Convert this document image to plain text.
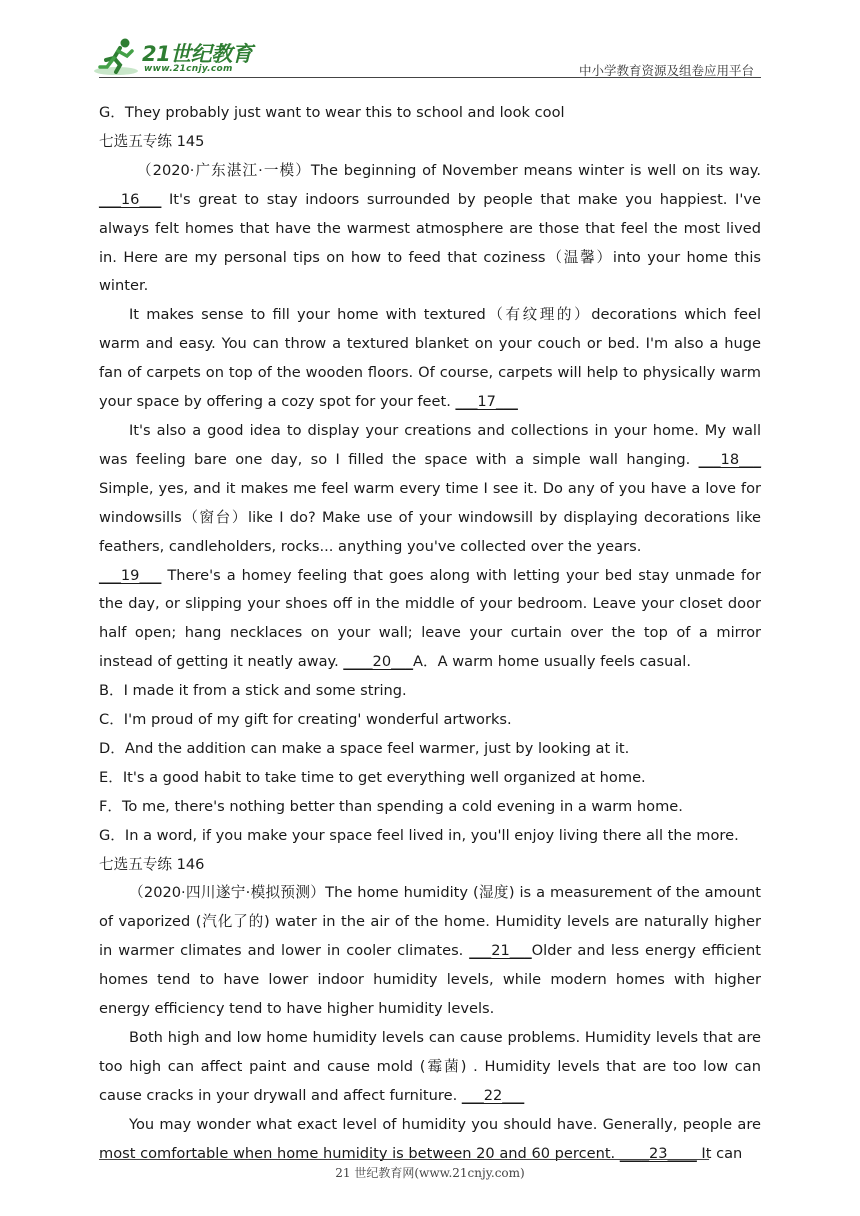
21世纪教育
www.21cnjy.com	中小学教育资源及组卷应用平台

G．They probably just want to wear this to school and look cool

七选五专练 145

（2020·广东湛江·一模）The beginning of November means winter is well on its way. ___16___ It's great to stay indoors surrounded by people that make you happiest. I've always felt homes that have the warmest atmosphere are those that feel the most lived in. Here are my personal tips on how to feed that coziness（温馨）into your home this winter.

It makes sense to fill your home with textured（有纹理的）decorations which feel warm and easy. You can throw a textured blanket on your couch or bed. I'm also a huge fan of carpets on top of the wooden floors. Of course, carpets will help to physically warm your space by offering a cozy spot for your feet. ___17___

It's also a good idea to display your creations and collections in your home. My wall was feeling bare one day, so I filled the space with a simple wall hanging. ___18___ Simple, yes, and it makes me feel warm every time I see it. Do any of you have a love for windowsills（窗台）like I do? Make use of your windowsill by displaying decorations like feathers, candleholders, rocks... anything you've collected over the years.

___19___ There's a homey feeling that goes along with letting your bed stay unmade for the day, or slipping your shoes off in the middle of your bedroom. Leave your closet door half open; hang necklaces on your wall; leave your curtain over the top of a mirror instead of getting it neatly away. ____20___A．A warm home usually feels casual.

B．I made it from a stick and some string.

C．I'm proud of my gift for creating' wonderful artworks.

D．And the addition can make a space feel warmer, just by looking at it.

E．It's a good habit to take time to get everything well organized at home.

F．To me, there's nothing better than spending a cold evening in a warm home.

G．In a word, if you make your space feel lived in, you'll enjoy living there all the more.

七选五专练 146

（2020·四川遂宁·模拟预测）The home humidity (湿度) is a measurement of the amount of vaporized (汽化了的) water in the air of the home. Humidity levels are naturally higher in warmer climates and lower in cooler climates. ___21___Older and less energy efficient homes tend to have lower indoor humidity levels, while modern homes with higher energy efficiency tend to have higher humidity levels.

Both high and low home humidity levels can cause problems. Humidity levels that are too high can affect paint and cause mold (霉菌) . Humidity levels that are too low can cause cracks in your drywall and affect furniture. ___22___

You may wonder what exact level of humidity you should have. Generally, people are most comfortable when home humidity is between 20 and 60 percent. ____23____ It can

21 世纪教育网(www.21cnjy.com)
